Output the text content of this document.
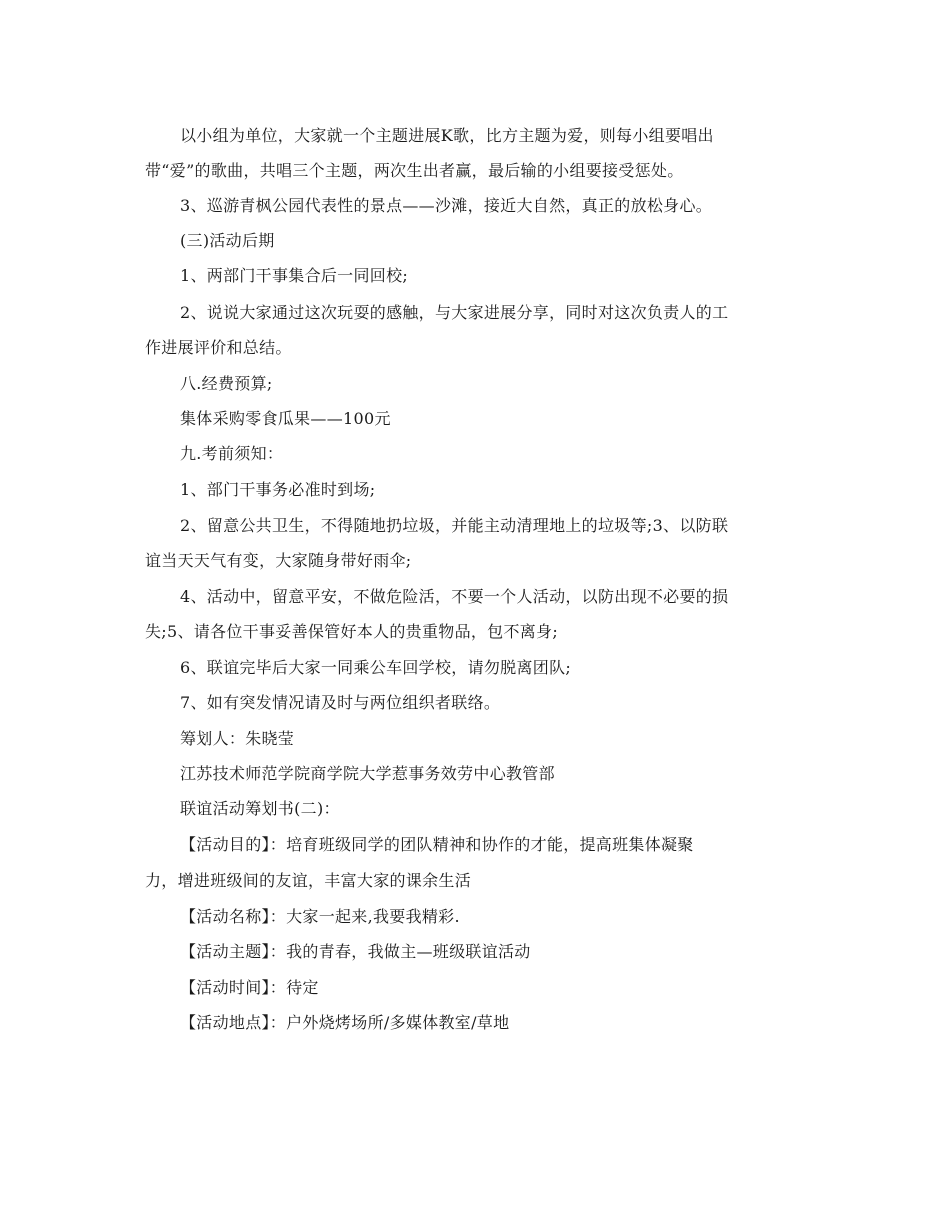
以小组为单位，大家就一个主题进展K歌，比方主题为爱，则每小组要唱出
带“爱”的歌曲，共唱三个主题，两次生出者赢，最后输的小组要接受惩处。
3、巡游青枫公园代表性的景点——沙滩，接近大自然，真正的放松身心。
(三)活动后期
1、两部门干事集合后一同回校;
2、说说大家通过这次玩耍的感触，与大家进展分享，同时对这次负责人的工
作进展评价和总结。
八.经费预算;
集体采购零食瓜果——100元
九.考前须知：
1、部门干事务必准时到场;
2、留意公共卫生，不得随地扔垃圾，并能主动清理地上的垃圾等;3、以防联
谊当天天气有变，大家随身带好雨伞;
4、活动中，留意平安，不做危险活，不要一个人活动，以防出现不必要的损
失;5、请各位干事妥善保管好本人的贵重物品，包不离身;
6、联谊完毕后大家一同乘公车回学校，请勿脱离团队;
7、如有突发情况请及时与两位组织者联络。
筹划人：朱晓莹
江苏技术师范学院商学院大学惹事务效劳中心教管部
联谊活动筹划书(二)：
【活动目的】：培育班级同学的团队精神和协作的才能，提高班集体凝聚
力，增进班级间的友谊，丰富大家的课余生活
【活动名称】：大家一起来,我要我精彩.
【活动主题】：我的青春，我做主—班级联谊活动
【活动时间】：待定
【活动地点】：户外烧烤场所/多媒体教室/草地
